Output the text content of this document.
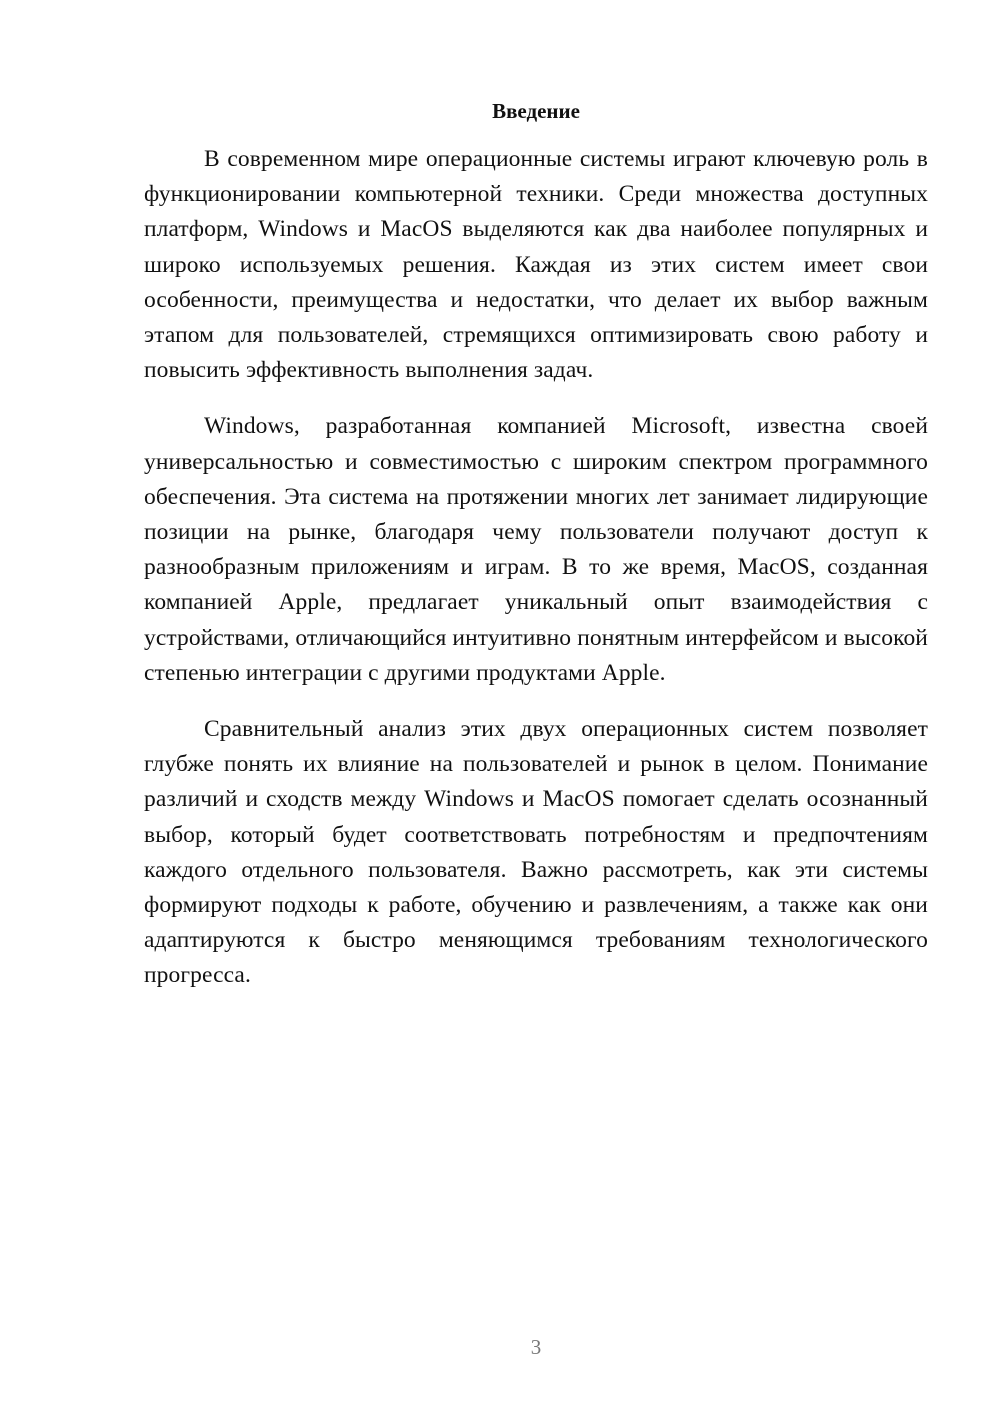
Введение

В современном мире операционные системы играют ключевую роль в функционировании компьютерной техники. Среди множества доступных платформ, Windows и MacOS выделяются как два наиболее популярных и широко используемых решения. Каждая из этих систем имеет свои особенности, преимущества и недостатки, что делает их выбор важным этапом для пользователей, стремящихся оптимизировать свою работу и повысить эффективность выполнения задач.

Windows, разработанная компанией Microsoft, известна своей универсальностью и совместимостью с широким спектром программного обеспечения. Эта система на протяжении многих лет занимает лидирующие позиции на рынке, благодаря чему пользователи получают доступ к разнообразным приложениям и играм. В то же время, MacOS, созданная компанией Apple, предлагает уникальный опыт взаимодействия с устройствами, отличающийся интуитивно понятным интерфейсом и высокой степенью интеграции с другими продуктами Apple.

Сравнительный анализ этих двух операционных систем позволяет глубже понять их влияние на пользователей и рынок в целом. Понимание различий и сходств между Windows и MacOS помогает сделать осознанный выбор, который будет соответствовать потребностям и предпочтениям каждого отдельного пользователя. Важно рассмотреть, как эти системы формируют подходы к работе, обучению и развлечениям, а также как они адаптируются к быстро меняющимся требованиям технологического прогресса.

3
